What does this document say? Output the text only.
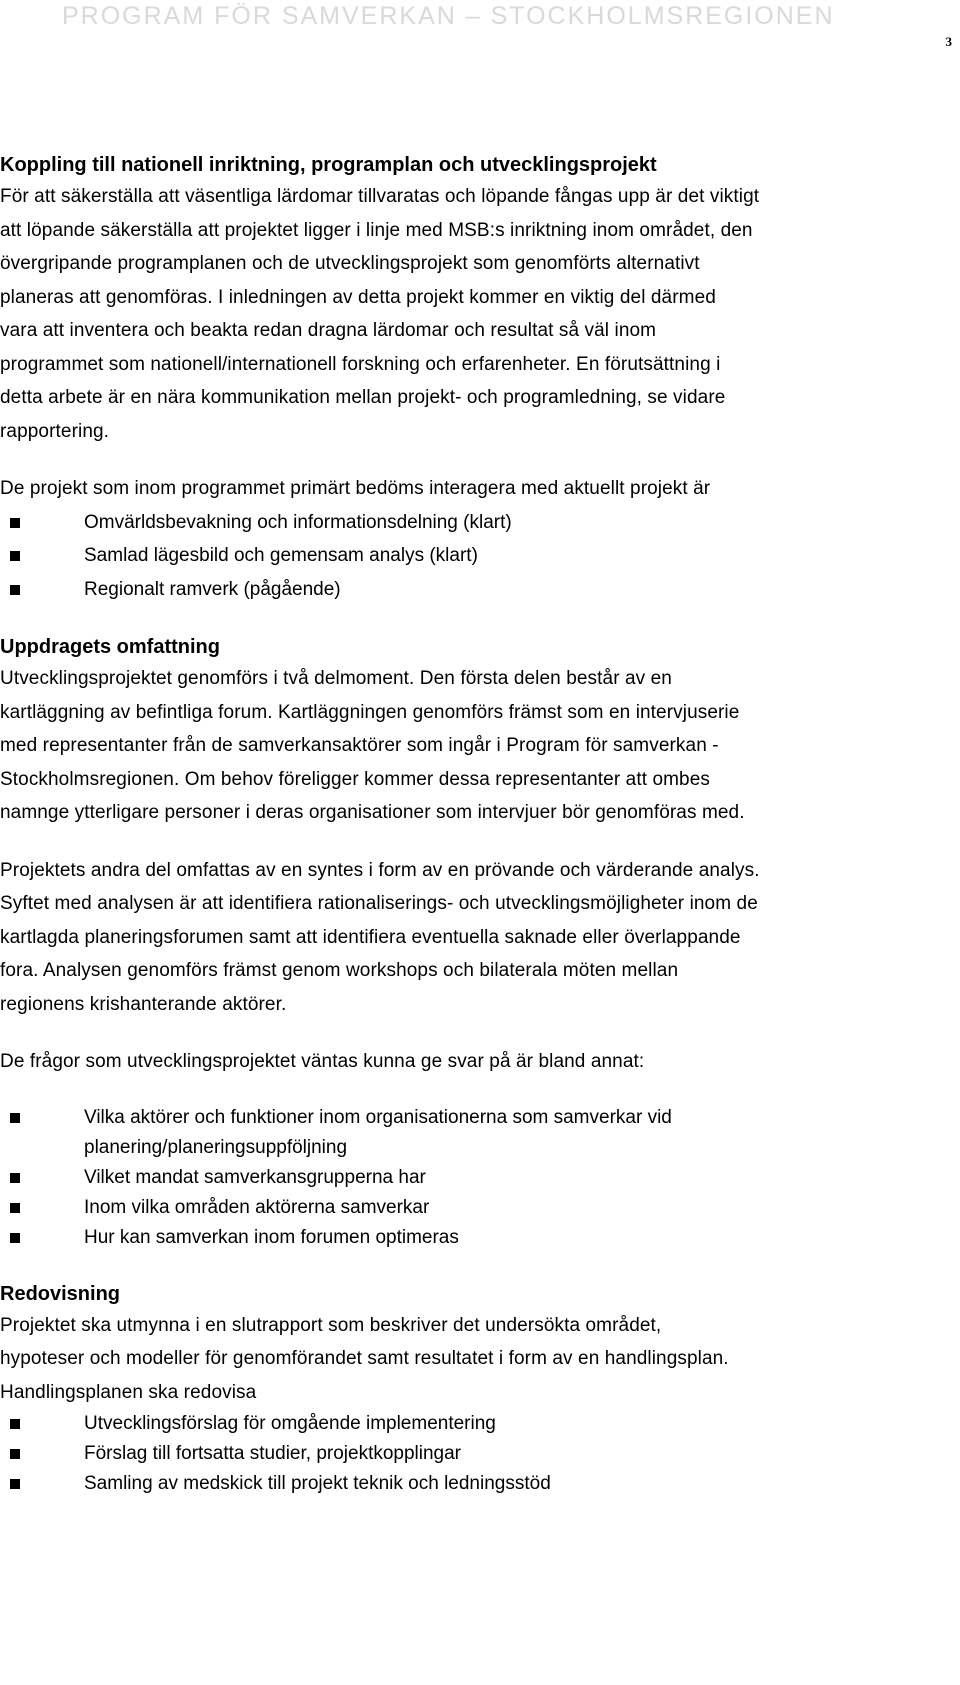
PROGRAM FÖR SAMVERKAN – STOCKHOLMSREGIONEN
3
Koppling till nationell inriktning, programplan och utvecklingsprojekt

För att säkerställa att väsentliga lärdomar tillvaratas och löpande fångas upp är det viktigt

att löpande säkerställa att projektet ligger i linje med MSB:s inriktning inom området, den

övergripande programplanen och de utvecklingsprojekt som genomförts alternativt

planeras att genomföras. I inledningen av detta projekt kommer en viktig del därmed

vara att inventera och beakta redan dragna lärdomar och resultat så väl inom

programmet som nationell/internationell forskning och erfarenheter. En förutsättning i

detta arbete är en nära kommunikation mellan projekt- och programledning, se vidare

rapportering.

De projekt som inom programmet primärt bedöms interagera med aktuellt projekt är

Omvärldsbevakning och informationsdelning (klart)
Samlad lägesbild och gemensam analys (klart)
Regionalt ramverk (pågående)
Uppdragets omfattning

Utvecklingsprojektet genomförs i två delmoment. Den första delen består av en

kartläggning av befintliga forum. Kartläggningen genomförs främst som en intervjuserie

med representanter från de samverkansaktörer som ingår i Program för samverkan -

Stockholmsregionen. Om behov föreligger kommer dessa representanter att ombes

namnge ytterligare personer i deras organisationer som intervjuer bör genomföras med.

Projektets andra del omfattas av en syntes i form av en prövande och värderande analys.

Syftet med analysen är att identifiera rationaliserings- och utvecklingsmöjligheter inom de

kartlagda planeringsforumen samt att identifiera eventuella saknade eller överlappande

fora. Analysen genomförs främst genom workshops och bilaterala möten mellan

regionens krishanterande aktörer.

De frågor som utvecklingsprojektet väntas kunna ge svar på är bland annat:

Vilka aktörer och funktioner inom organisationerna som samverkar vid
planering/planeringsuppföljning
Vilket mandat samverkansgrupperna har
Inom vilka områden aktörerna samverkar
Hur kan samverkan inom forumen optimeras
Redovisning

Projektet ska utmynna i en slutrapport som beskriver det undersökta området,

hypoteser och modeller för genomförandet samt resultatet i form av en handlingsplan.

Handlingsplanen ska redovisa

Utvecklingsförslag för omgående implementering
Förslag till fortsatta studier, projektkopplingar
Samling av medskick till projekt teknik och ledningsstöd
